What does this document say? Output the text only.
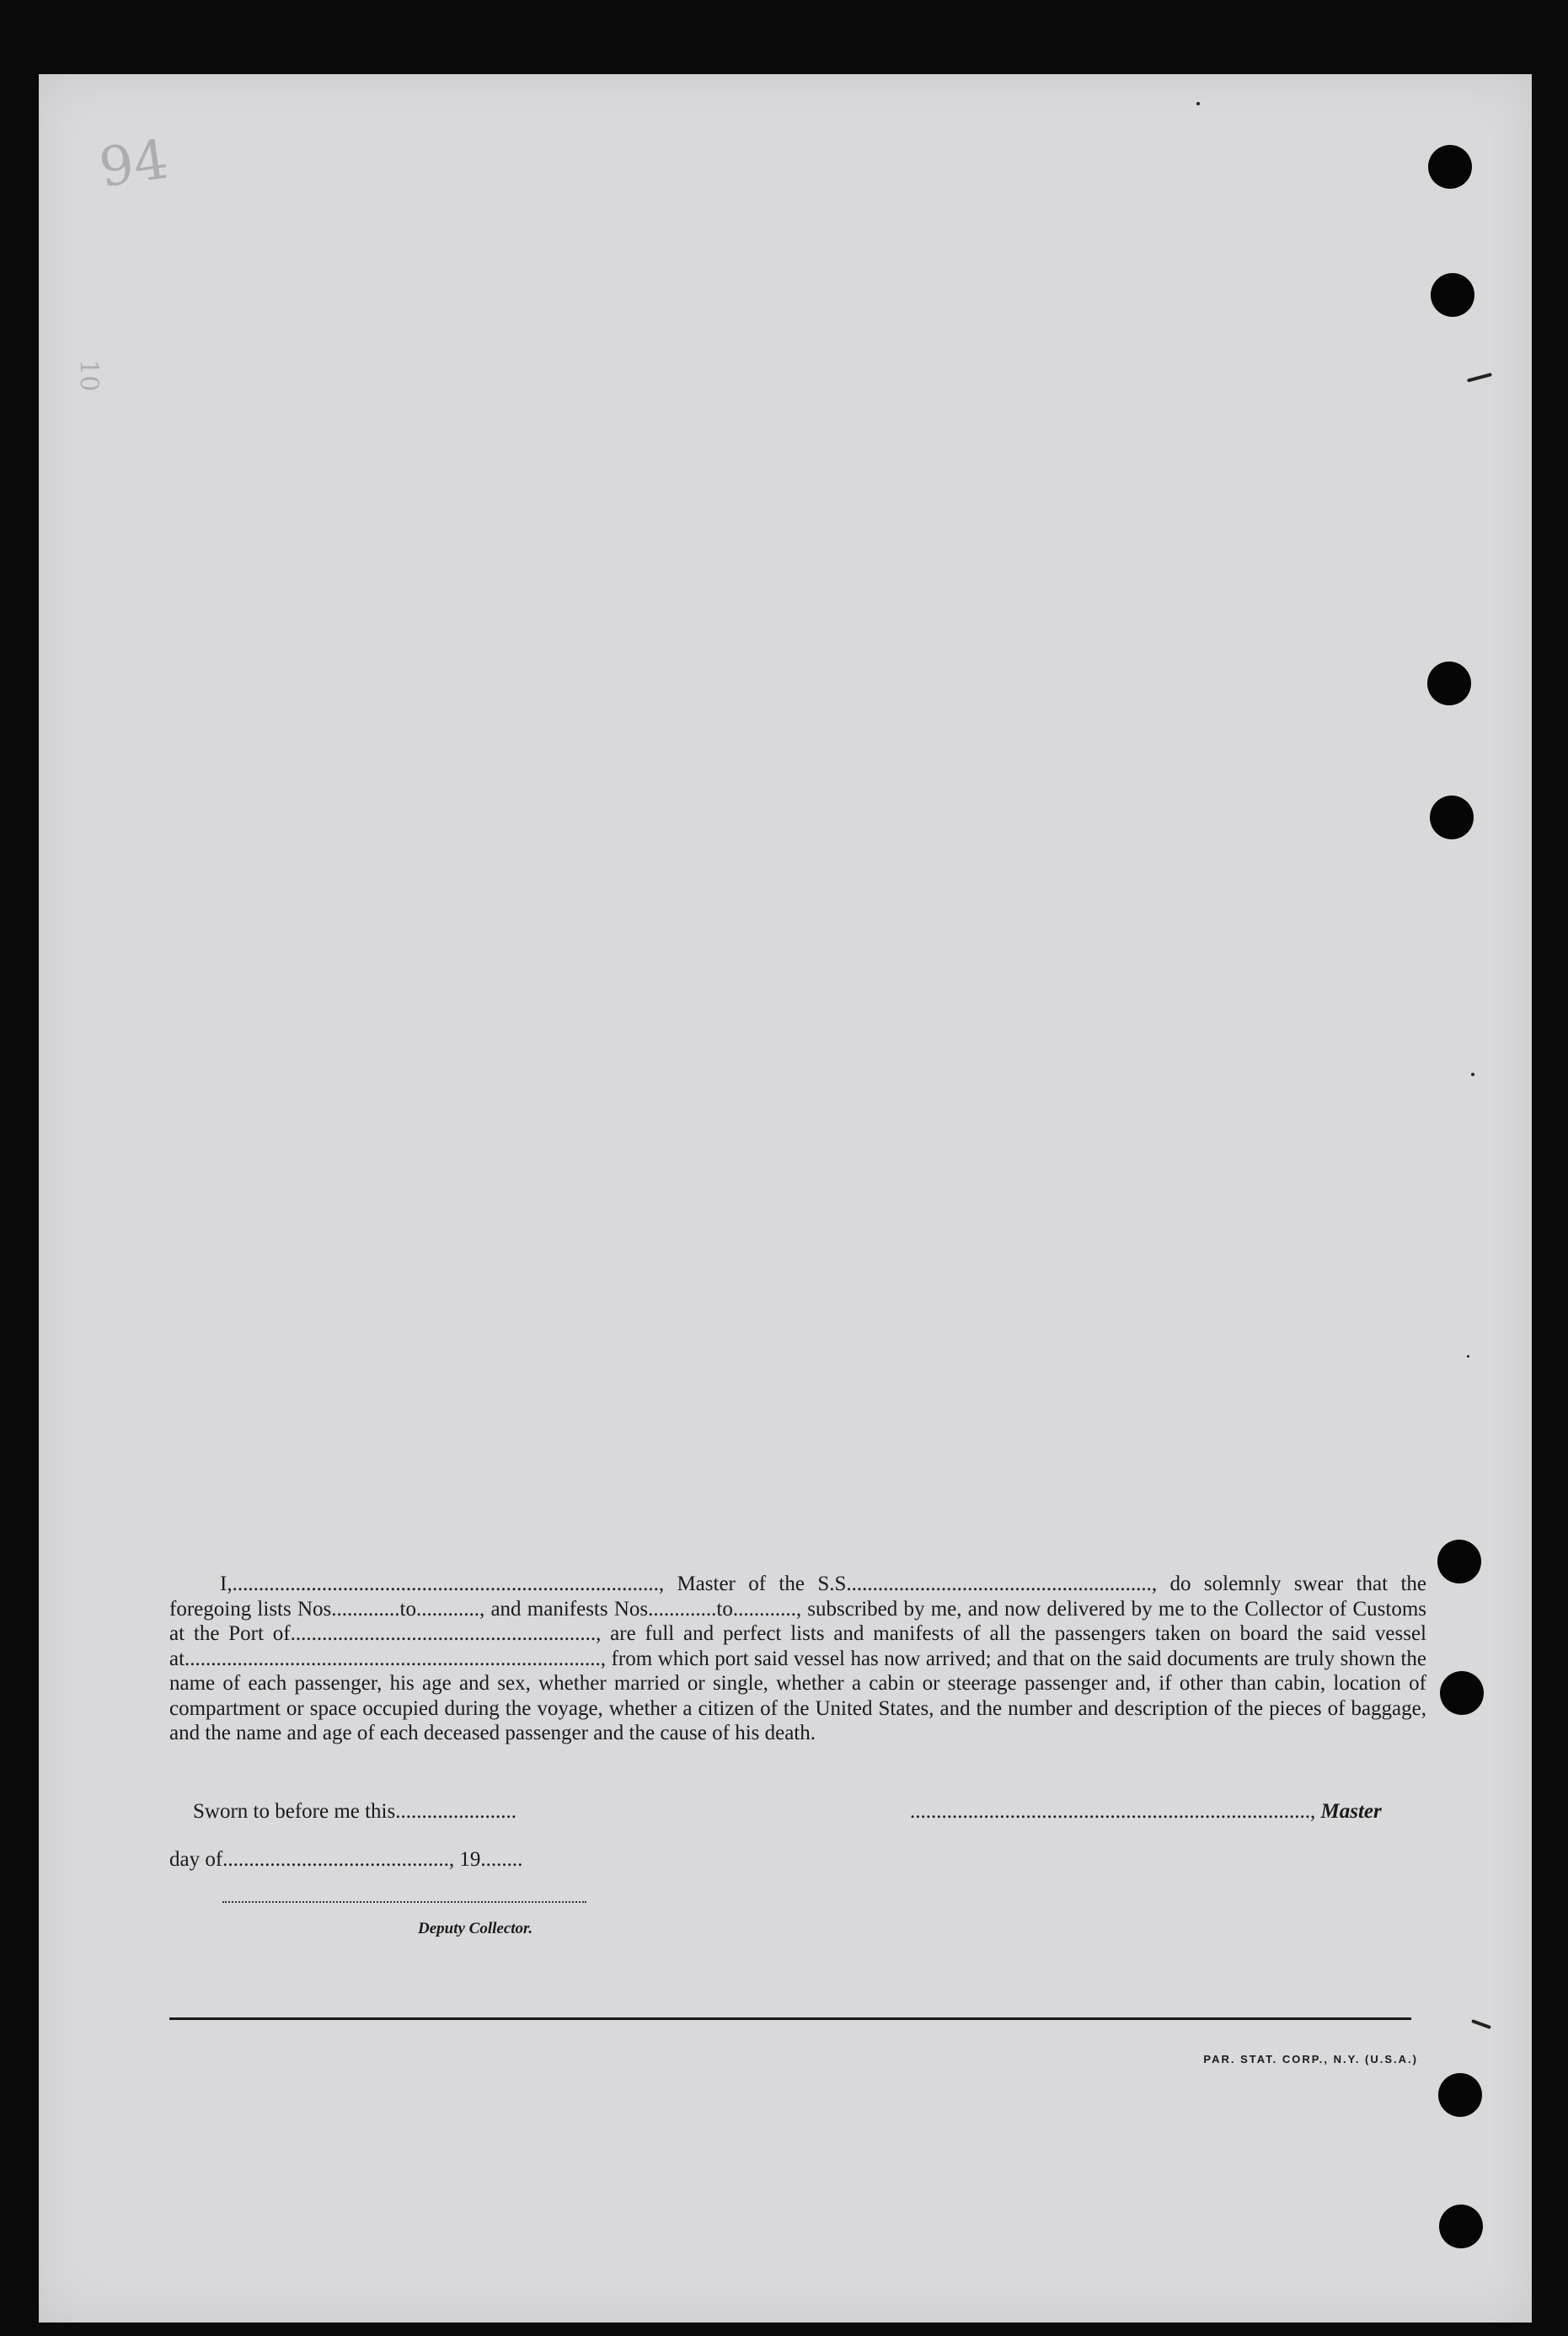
94
10

I,................................................................................., Master of the S.S.........................................................., do solemnly swear that the foregoing lists Nos.............to............, and manifests Nos.............to............, subscribed by me, and now delivered by me to the Collector of Customs at the Port of.........................................................., are full and perfect lists and manifests of all the passengers taken on board the said vessel at..............................................................................., from which port said vessel has now arrived; and that on the said documents are truly shown the name of each passenger, his age and sex, whether married or single, whether a cabin or steerage passenger and, if other than cabin, location of compartment or space occupied during the voyage, whether a citizen of the United States, and the number and description of the pieces of baggage, and the name and age of each deceased passenger and the cause of his death.

Sworn to before me this.......................	............................................................................, Master
day of..........................................., 19........
Deputy Collector.
PAR. STAT. CORP., N.Y. (U.S.A.)
